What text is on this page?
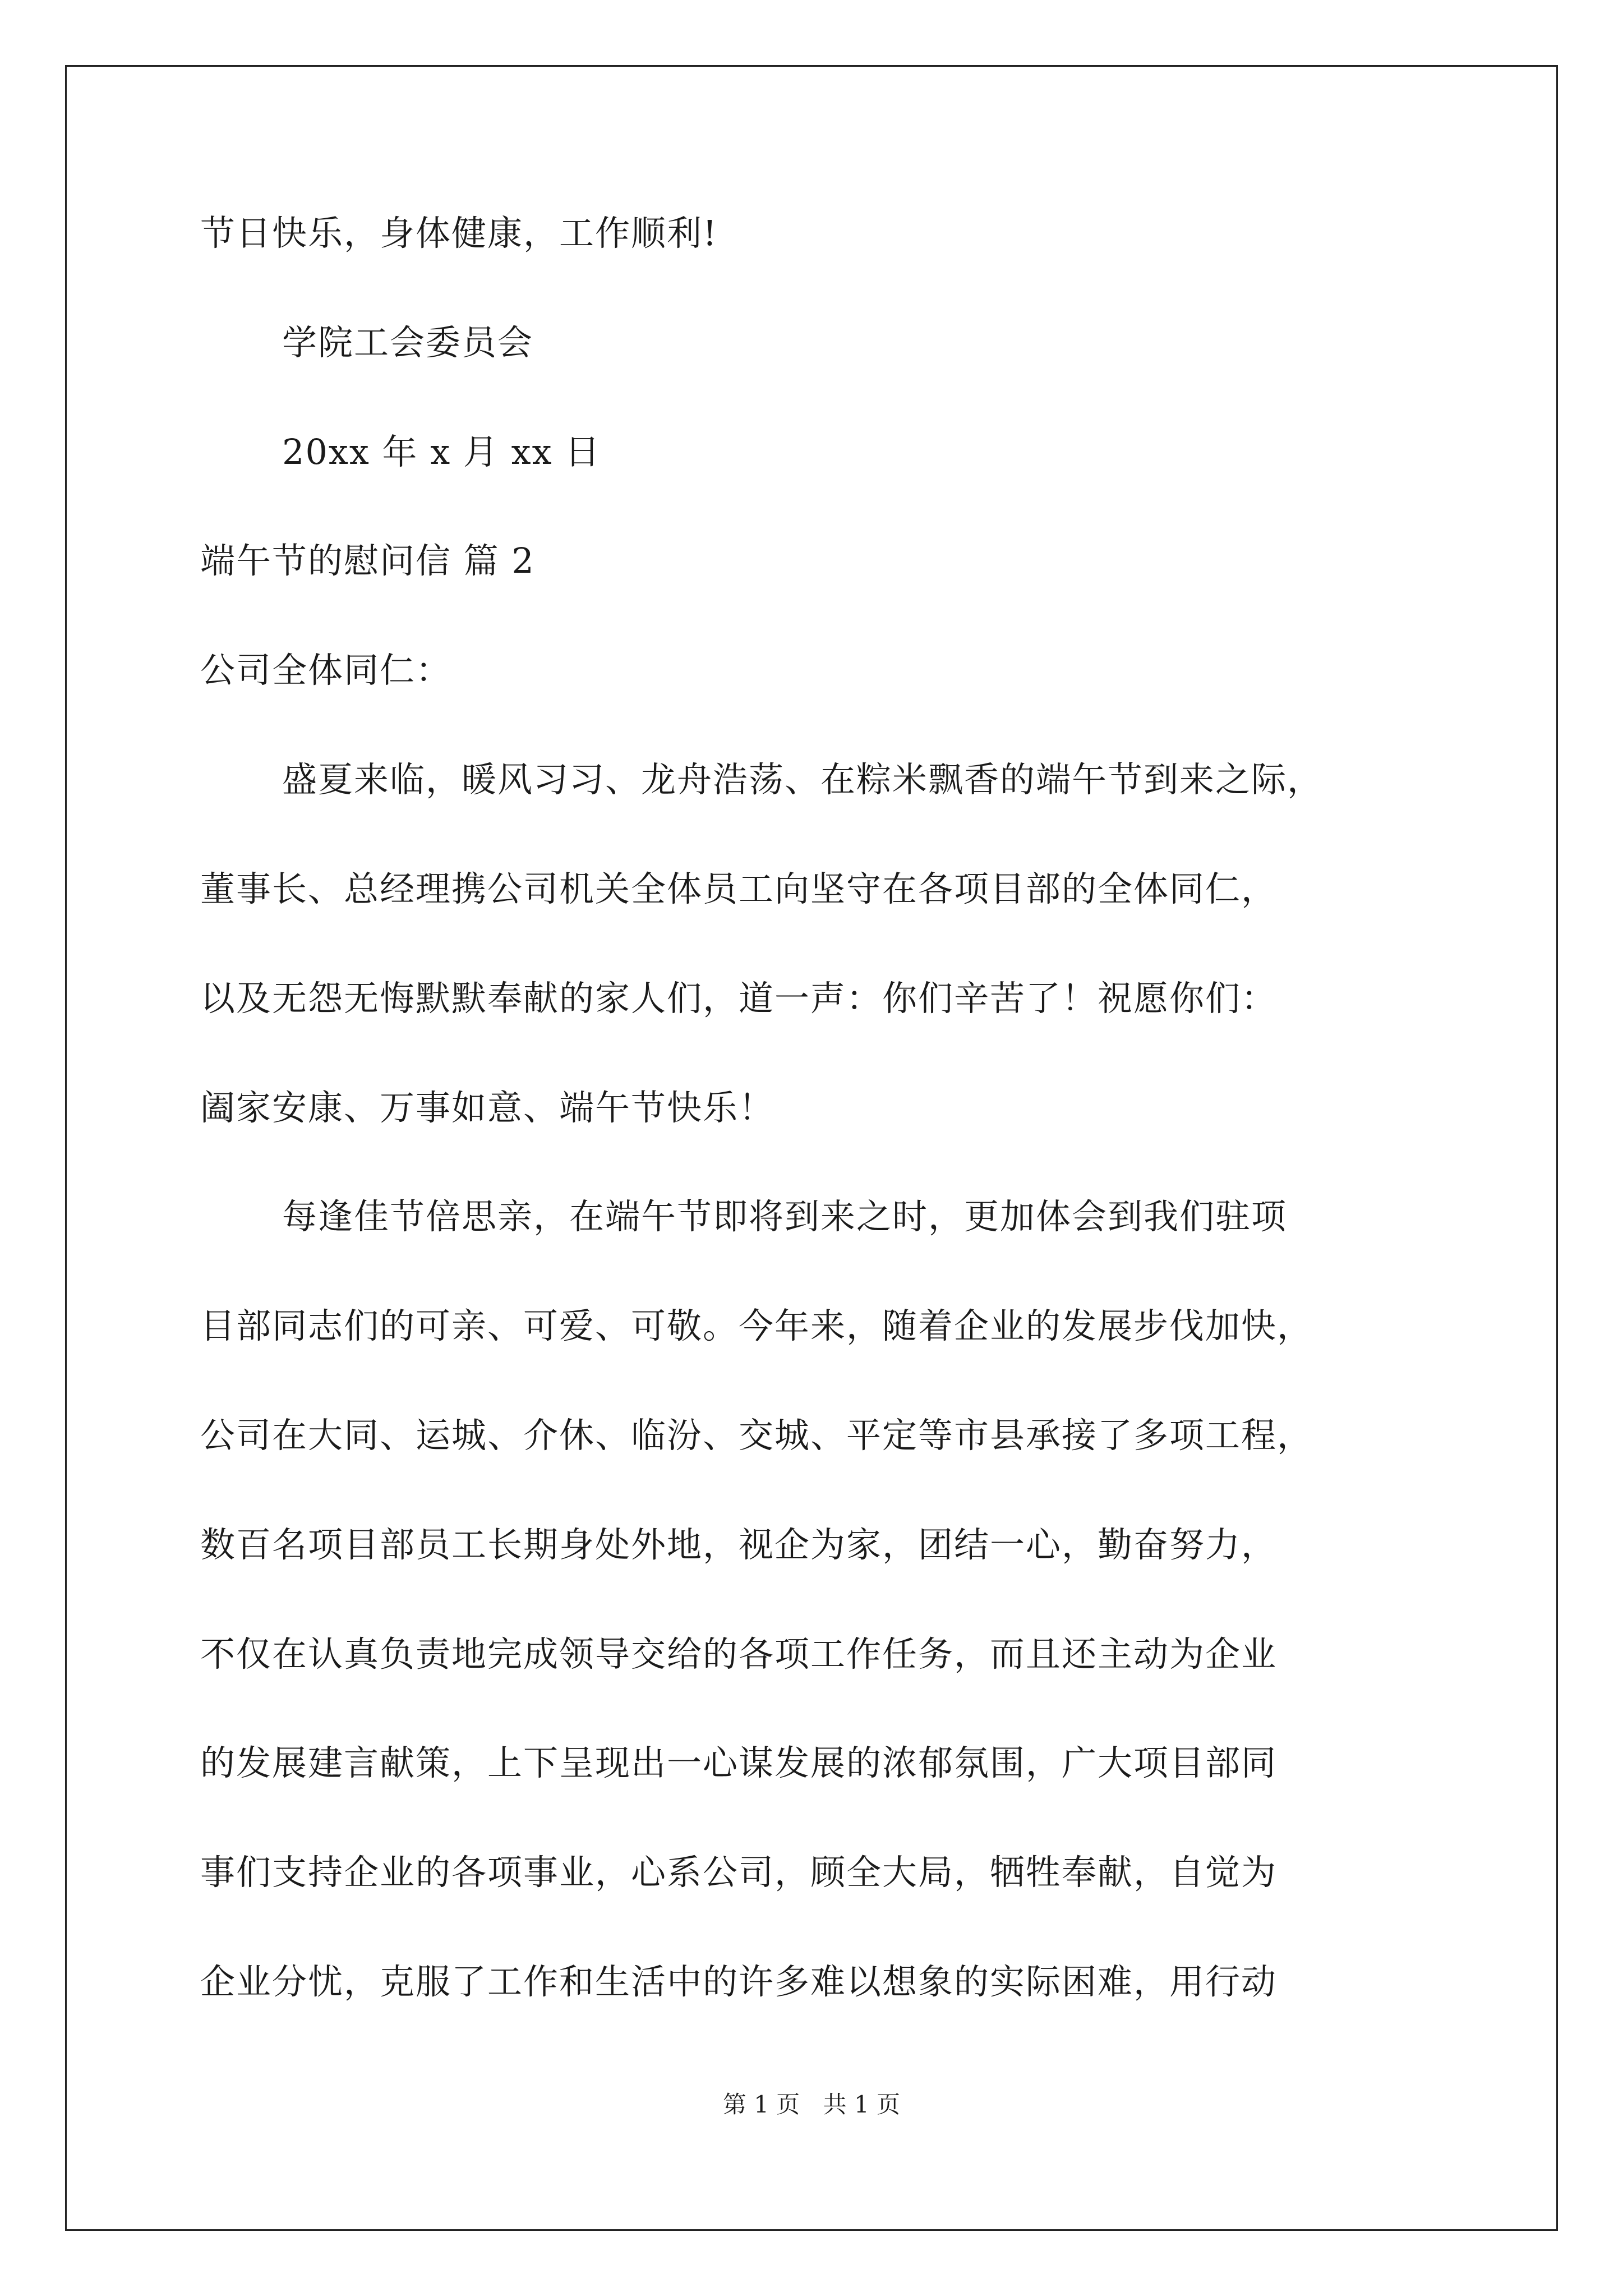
节日快乐，身体健康，工作顺利!
学院工会委员会
20xx 年 x 月 xx 日
端午节的慰问信 篇 2
公司全体同仁：
盛夏来临，暖风习习、龙舟浩荡、在粽米飘香的端午节到来之际，
董事长、总经理携公司机关全体员工向坚守在各项目部的全体同仁，
以及无怨无悔默默奉献的家人们，道一声：你们辛苦了！祝愿你们：
阖家安康、万事如意、端午节快乐！
每逢佳节倍思亲，在端午节即将到来之时，更加体会到我们驻项
目部同志们的可亲、可爱、可敬。今年来，随着企业的发展步伐加快，
公司在大同、运城、介休、临汾、交城、平定等市县承接了多项工程，
数百名项目部员工长期身处外地，视企为家，团结一心，勤奋努力，
不仅在认真负责地完成领导交给的各项工作任务，而且还主动为企业
的发展建言献策，上下呈现出一心谋发展的浓郁氛围，广大项目部同
事们支持企业的各项事业，心系公司，顾全大局，牺牲奉献，自觉为
企业分忧，克服了工作和生活中的许多难以想象的实际困难，用行动
第 1 页 共 1 页
